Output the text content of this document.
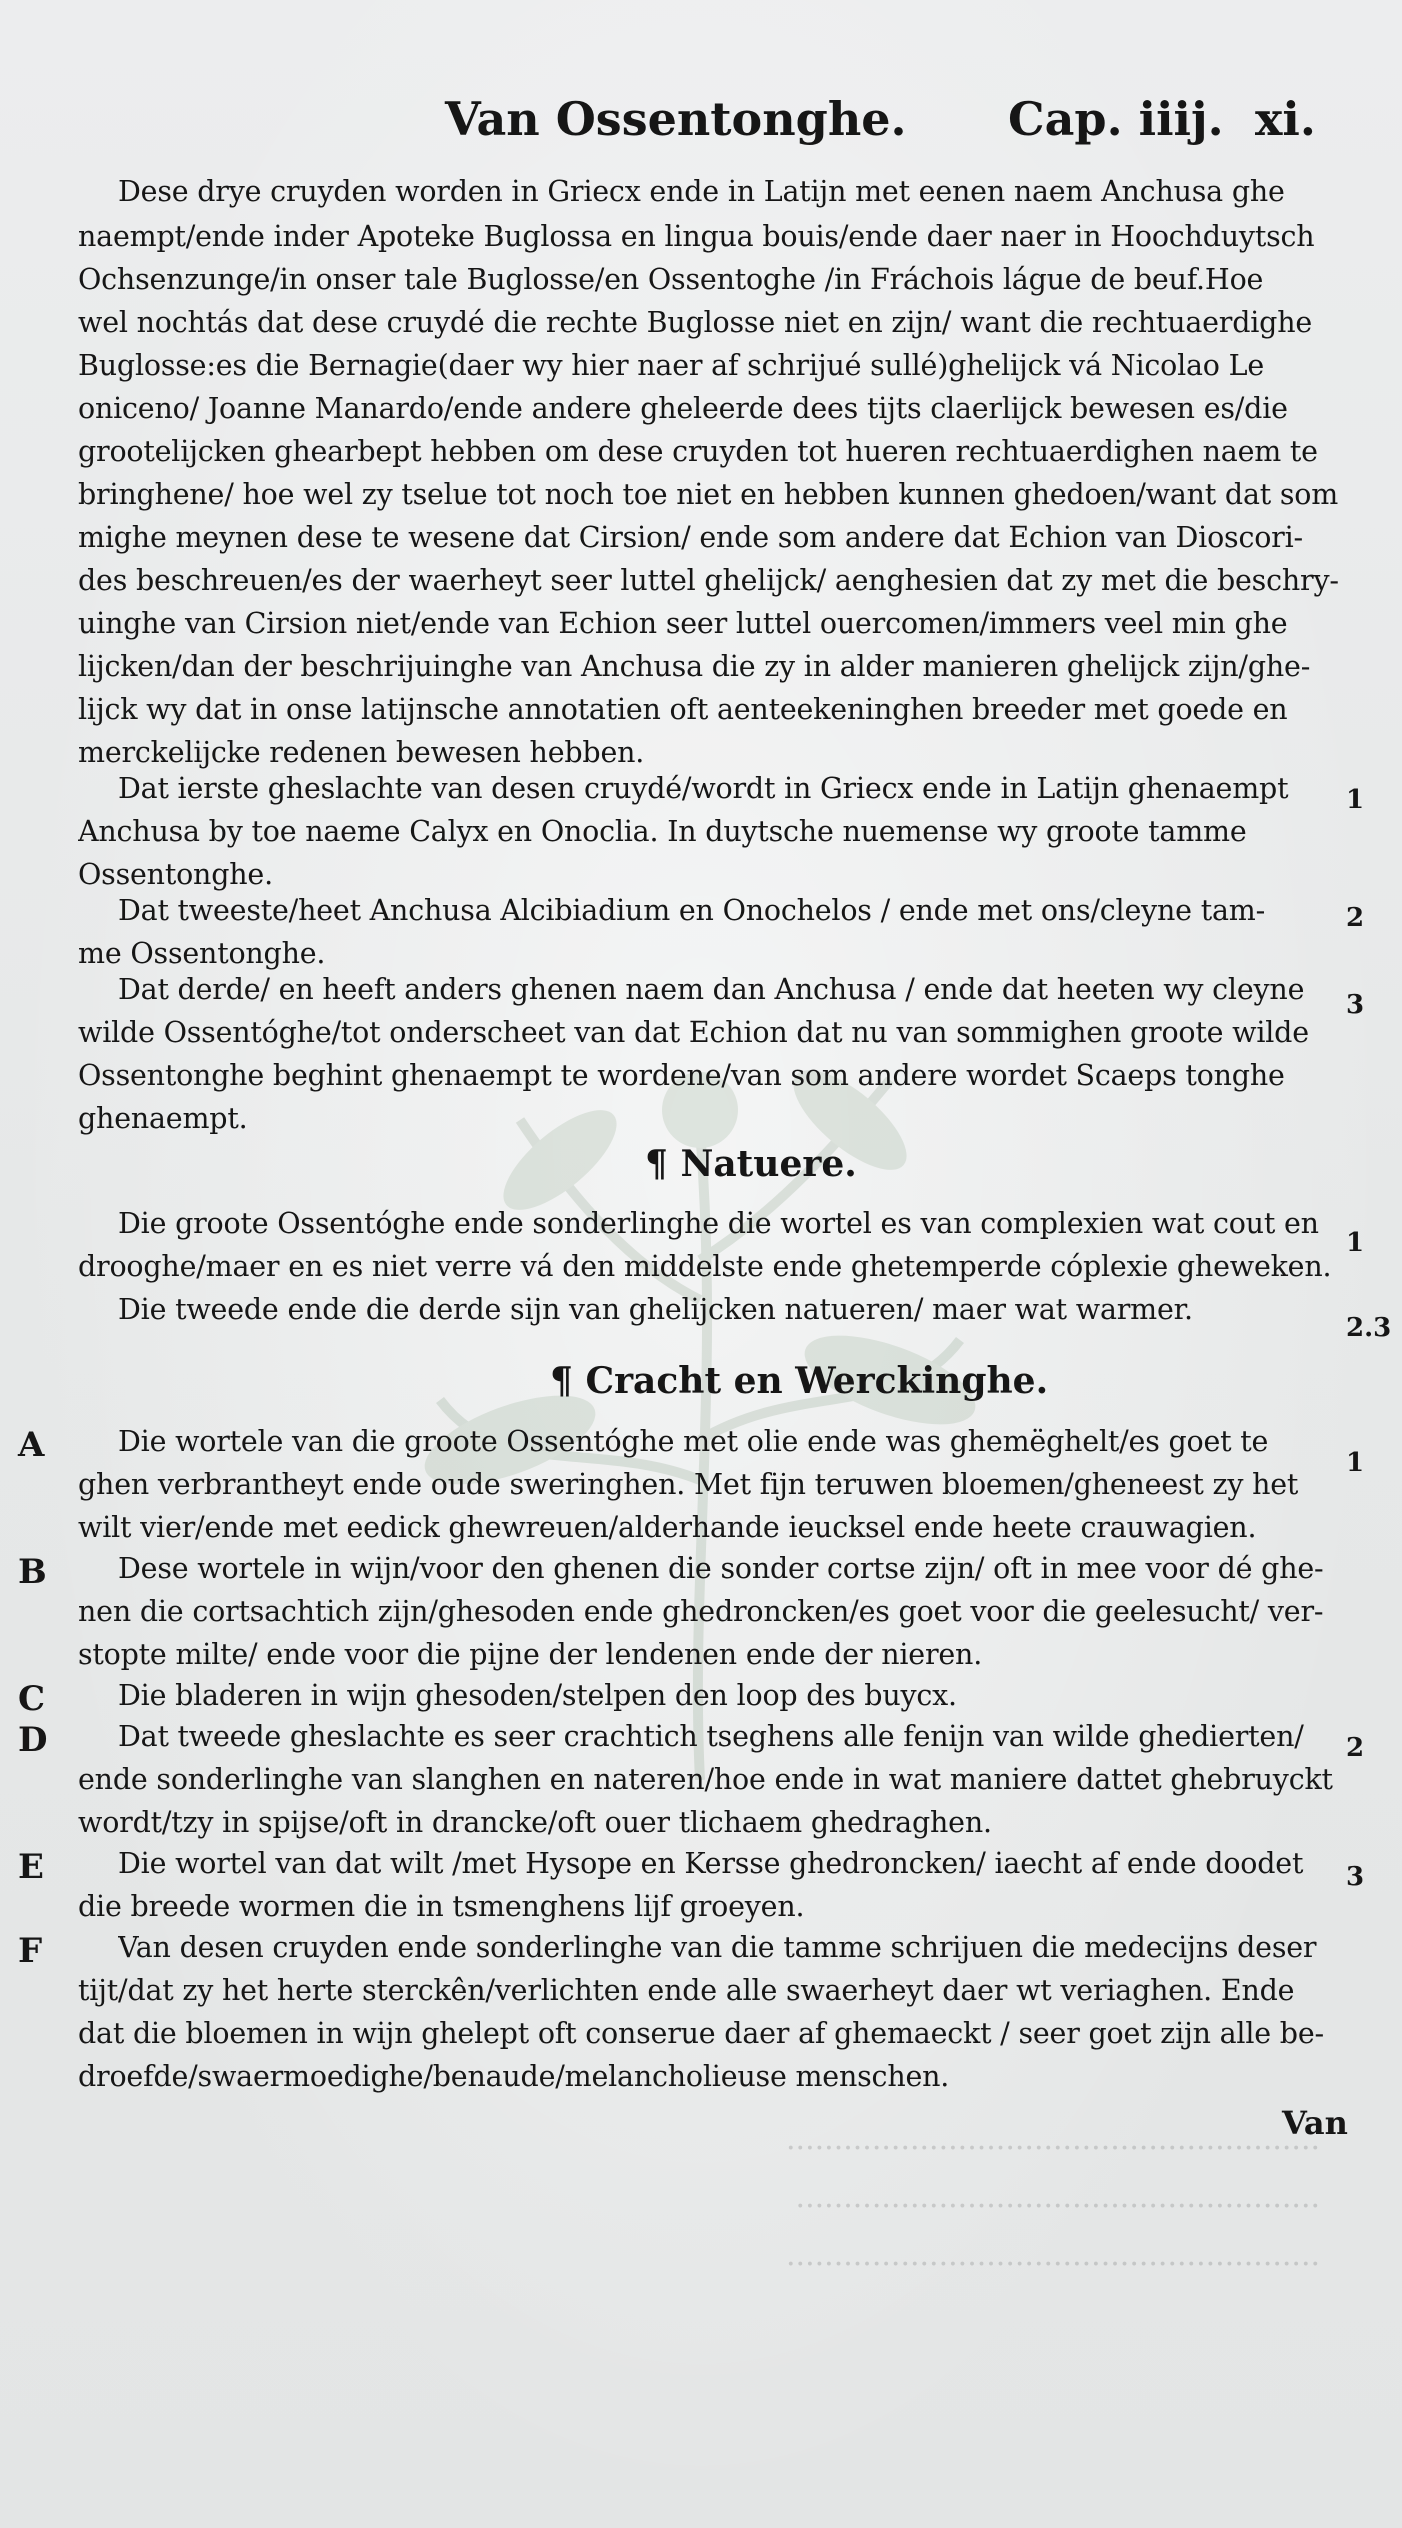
························································
·······················································
························································
Van Ossentonghe. Cap. iiij. xi.
Dese drye cruyden worden in Griecx ende in Latijn met eenen naem Anchusa ghe
naempt/ende inder Apoteke Buglossa en lingua bouis/ende daer naer in Hoochduytsch
Ochsenzunge/in onser tale Buglosse/en Ossentoghe /in Fráchois lágue de beuf.Hoe
wel nochtás dat dese cruydé die rechte Buglosse niet en zijn/ want die rechtuaerdighe
Buglosse:es die Bernagie(daer wy hier naer af schrijué sullé)ghelijck vá Nicolao Le
oniceno/ Joanne Manardo/ende andere gheleerde dees tijts claerlijck bewesen es/die
grootelijcken ghearbept hebben om dese cruyden tot hueren rechtuaerdighen naem te
bringhene/ hoe wel zy tselue tot noch toe niet en hebben kunnen ghedoen/want dat som
mighe meynen dese te wesene dat Cirsion/ ende som andere dat Echion van Dioscori-
des beschreuen/es der waerheyt seer luttel ghelijck/ aenghesien dat zy met die beschry-
uinghe van Cirsion niet/ende van Echion seer luttel ouercomen/immers veel min ghe
lijcken/dan der beschrijuinghe van Anchusa die zy in alder manieren ghelijck zijn/ghe-
lijck wy dat in onse latijnsche annotatien oft aenteekeninghen breeder met goede en
merckelijcke redenen bewesen hebben.
Dat ierste gheslachte van desen cruydé/wordt in Griecx ende in Latijn ghenaempt
Anchusa by toe naeme Calyx en Onoclia. In duytsche nuemense wy groote tamme
Ossentonghe.
1
Dat tweeste/heet Anchusa Alcibiadium en Onochelos / ende met ons/cleyne tam-
me Ossentonghe.
2
Dat derde/ en heeft anders ghenen naem dan Anchusa / ende dat heeten wy cleyne
wilde Ossentóghe/tot onderscheet van dat Echion dat nu van sommighen groote wilde
Ossentonghe beghint ghenaempt te wordene/van som andere wordet Scaeps tonghe
ghenaempt.
3
¶ Natuere.
Die groote Ossentóghe ende sonderlinghe die wortel es van complexien wat cout en
drooghe/maer en es niet verre vá den middelste ende ghetemperde cóplexie gheweken.
Die tweede ende die derde sijn van ghelijcken natueren/ maer wat warmer.
1
2.3
¶ Cracht en Werckinghe.
A	Die wortele van die groote Ossentóghe met olie ende was ghemëghelt/es goet te
ghen verbrantheyt ende oude sweringhen. Met fijn teruwen bloemen/gheneest zy het
wilt vier/ende met eedick ghewreuen/alderhande ieucksel ende heete crauwagien.
1
B	Dese wortele in wijn/voor den ghenen die sonder cortse zijn/ oft in mee voor dé ghe-
nen die cortsachtich zijn/ghesoden ende ghedroncken/es goet voor die geelesucht/ ver-
stopte milte/ ende voor die pijne der lendenen ende der nieren.
C	Die bladeren in wijn ghesoden/stelpen den loop des buycx.
D Dat tweede gheslachte es seer crachtich tseghens alle fenijn van wilde ghedierten/
ende sonderlinghe van slanghen en nateren/hoe ende in wat maniere dattet ghebruyckt
wordt/tzy in spijse/oft in drancke/oft ouer tlichaem ghedraghen.
2
E	Die wortel van dat wilt /met Hysope en Kersse ghedroncken/ iaecht af ende doodet
die breede wormen die in tsmenghens lijf groeyen.
3
F	Van desen cruyden ende sonderlinghe van die tamme schrijuen die medecijns deser
tijt/dat zy het herte sterckên/verlichten ende alle swaerheyt daer wt veriaghen. Ende
dat die bloemen in wijn ghelept oft conserue daer af ghemaeckt / seer goet zijn alle be-
droefde/swaermoedighe/benaude/melancholieuse menschen.
Van
